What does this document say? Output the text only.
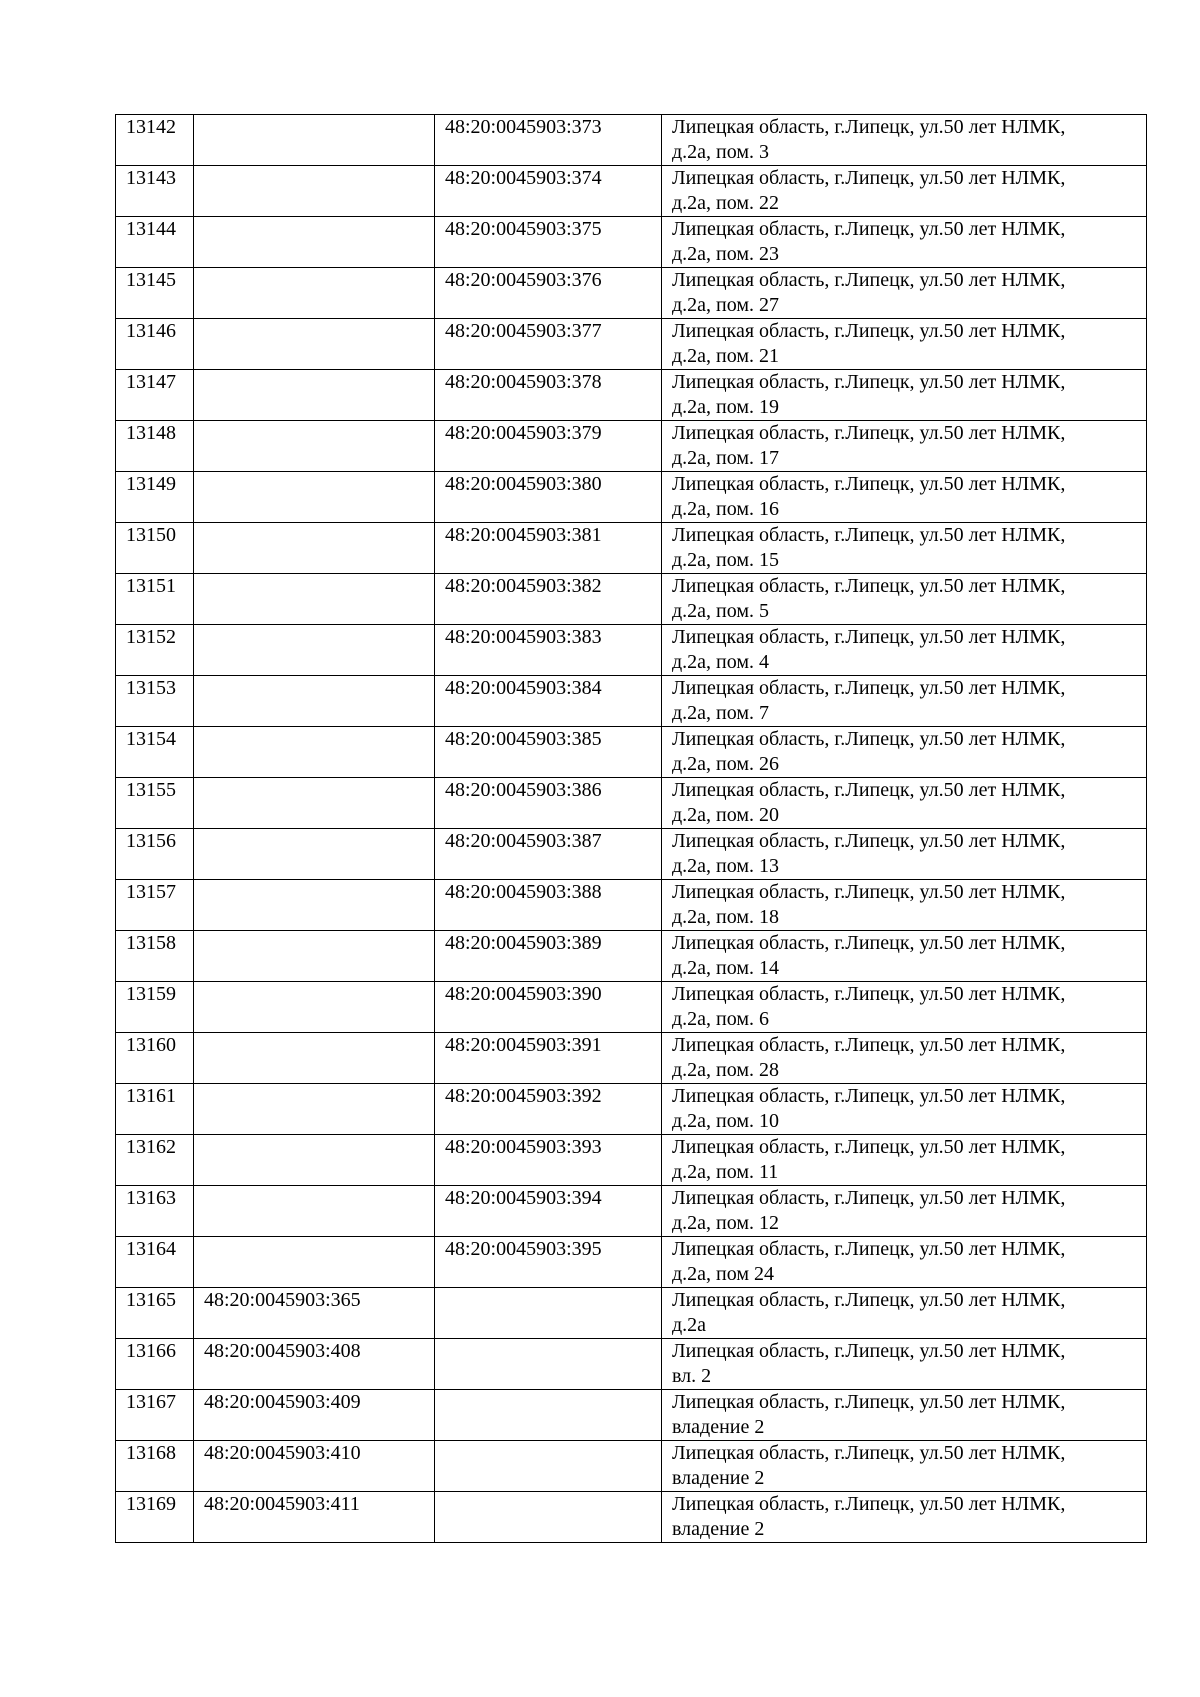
13142		48:20:0045903:373	Липецкая область, г.Липецк, ул.50 лет НЛМК,
д.2а, пом. 3

13143		48:20:0045903:374	Липецкая область, г.Липецк, ул.50 лет НЛМК,
д.2а, пом. 22

13144		48:20:0045903:375	Липецкая область, г.Липецк, ул.50 лет НЛМК,
д.2а, пом. 23

13145		48:20:0045903:376	Липецкая область, г.Липецк, ул.50 лет НЛМК,
д.2а, пом. 27

13146		48:20:0045903:377	Липецкая область, г.Липецк, ул.50 лет НЛМК,
д.2а, пом. 21

13147		48:20:0045903:378	Липецкая область, г.Липецк, ул.50 лет НЛМК,
д.2а, пом. 19

13148		48:20:0045903:379	Липецкая область, г.Липецк, ул.50 лет НЛМК,
д.2а, пом. 17

13149		48:20:0045903:380	Липецкая область, г.Липецк, ул.50 лет НЛМК,
д.2а, пом. 16

13150		48:20:0045903:381	Липецкая область, г.Липецк, ул.50 лет НЛМК,
д.2а, пом. 15

13151		48:20:0045903:382	Липецкая область, г.Липецк, ул.50 лет НЛМК,
д.2а, пом. 5

13152		48:20:0045903:383	Липецкая область, г.Липецк, ул.50 лет НЛМК,
д.2а, пом. 4

13153		48:20:0045903:384	Липецкая область, г.Липецк, ул.50 лет НЛМК,
д.2а, пом. 7

13154		48:20:0045903:385	Липецкая область, г.Липецк, ул.50 лет НЛМК,
д.2а, пом. 26

13155		48:20:0045903:386	Липецкая область, г.Липецк, ул.50 лет НЛМК,
д.2а, пом. 20

13156		48:20:0045903:387	Липецкая область, г.Липецк, ул.50 лет НЛМК,
д.2а, пом. 13

13157		48:20:0045903:388	Липецкая область, г.Липецк, ул.50 лет НЛМК,
д.2а, пом. 18

13158		48:20:0045903:389	Липецкая область, г.Липецк, ул.50 лет НЛМК,
д.2а, пом. 14

13159		48:20:0045903:390	Липецкая область, г.Липецк, ул.50 лет НЛМК,
д.2а, пом. 6

13160		48:20:0045903:391	Липецкая область, г.Липецк, ул.50 лет НЛМК,
д.2а, пом. 28

13161		48:20:0045903:392	Липецкая область, г.Липецк, ул.50 лет НЛМК,
д.2а, пом. 10

13162		48:20:0045903:393	Липецкая область, г.Липецк, ул.50 лет НЛМК,
д.2а, пом. 11

13163		48:20:0045903:394	Липецкая область, г.Липецк, ул.50 лет НЛМК,
д.2а, пом. 12

13164		48:20:0045903:395	Липецкая область, г.Липецк, ул.50 лет НЛМК,
д.2а, пом 24

13165	48:20:0045903:365		Липецкая область, г.Липецк, ул.50 лет НЛМК,
д.2а

13166	48:20:0045903:408		Липецкая область, г.Липецк, ул.50 лет НЛМК,
вл. 2

13167	48:20:0045903:409		Липецкая область, г.Липецк, ул.50 лет НЛМК,
владение 2

13168	48:20:0045903:410		Липецкая область, г.Липецк, ул.50 лет НЛМК,
владение 2

13169	48:20:0045903:411		Липецкая область, г.Липецк, ул.50 лет НЛМК,
владение 2
